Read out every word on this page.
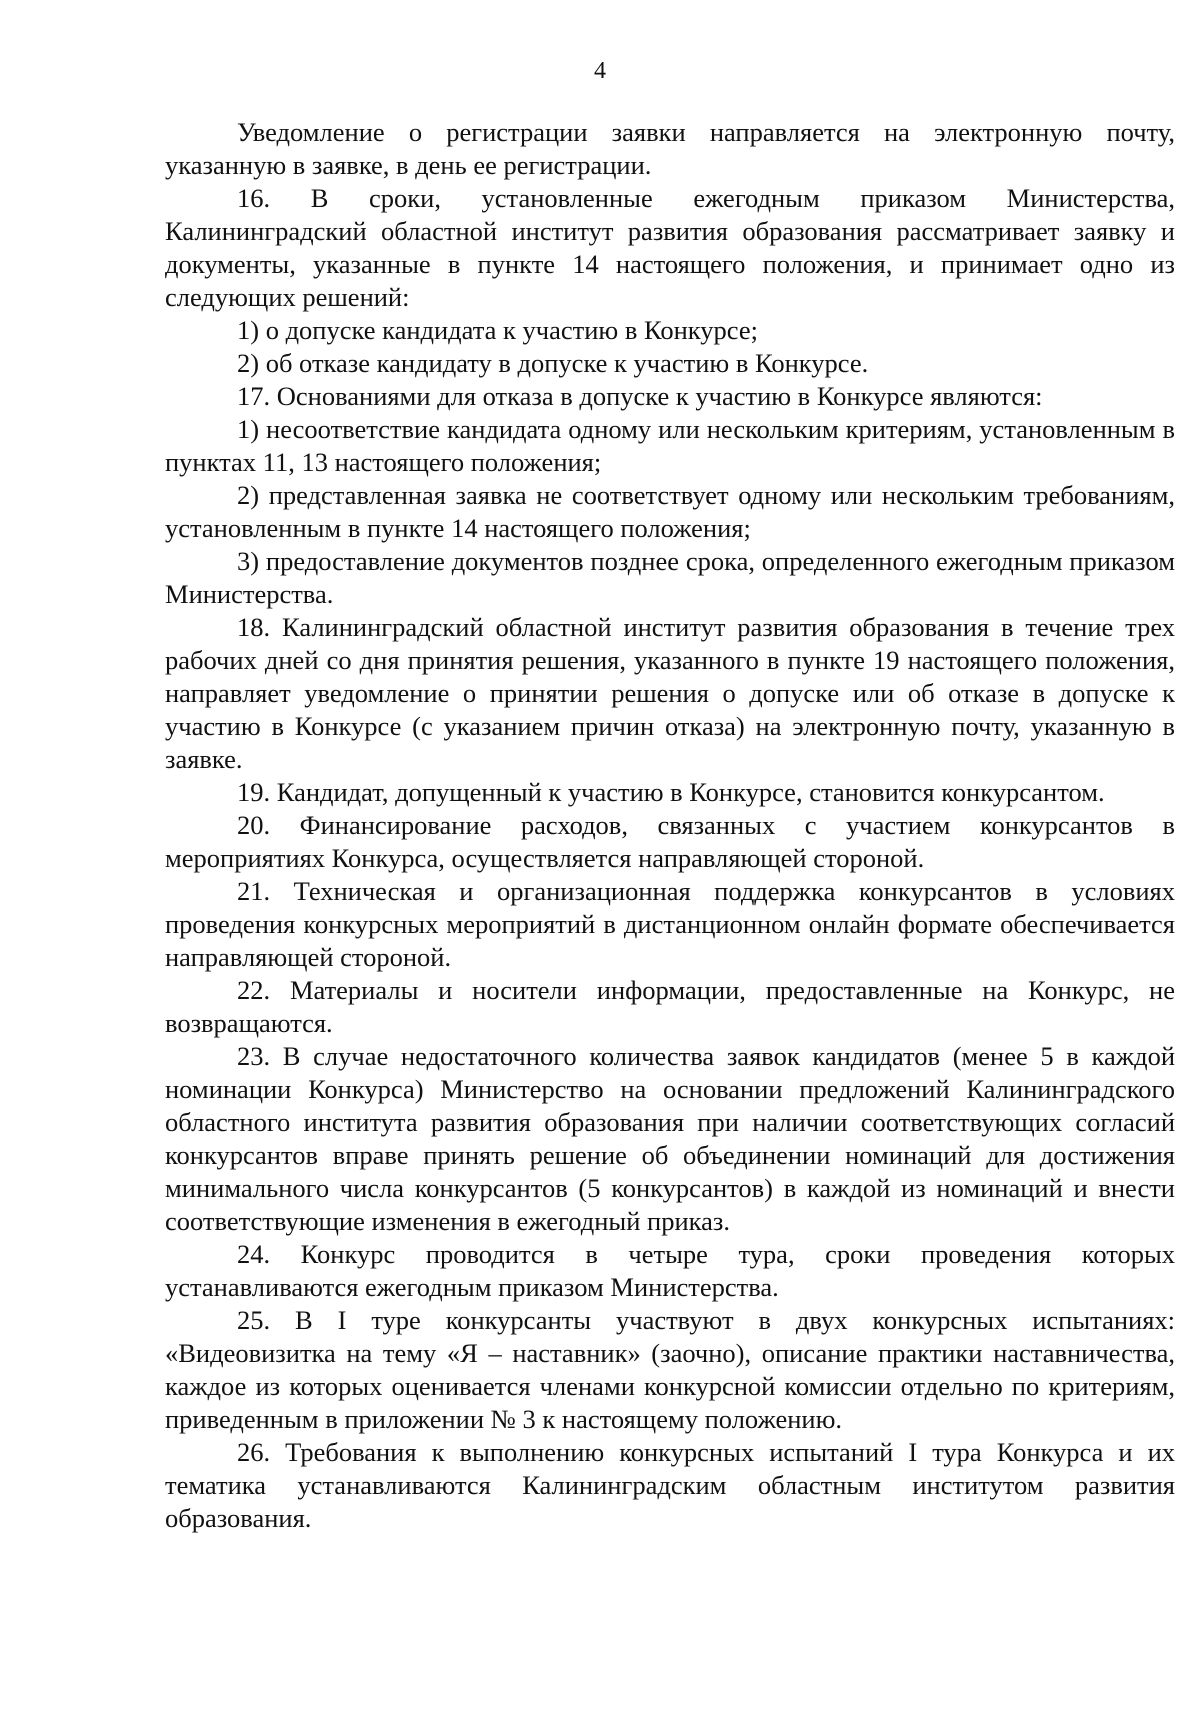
4

Уведомление о регистрации заявки направляется на электронную почту, указанную в заявке, в день ее регистрации.

16. В сроки, установленные ежегодным приказом Министерства, Калининградский областной институт развития образования рассматривает заявку и документы, указанные в пункте 14 настоящего положения, и принимает одно из следующих решений:

1) о допуске кандидата к участию в Конкурсе;

2) об отказе кандидату в допуске к участию в Конкурсе.

17. Основаниями для отказа в допуске к участию в Конкурсе являются:

1) несоответствие кандидата одному или нескольким критериям, установленным в пунктах 11, 13 настоящего положения;

2) представленная заявка не соответствует одному или нескольким требованиям, установленным в пункте 14 настоящего положения;

3) предоставление документов позднее срока, определенного ежегодным приказом Министерства.

18. Калининградский областной институт развития образования в течение трех рабочих дней со дня принятия решения, указанного в пункте 19 настоящего положения, направляет уведомление о принятии решения о допуске или об отказе в допуске к участию в Конкурсе (с указанием причин отказа) на электронную почту, указанную в заявке.

19. Кандидат, допущенный к участию в Конкурсе, становится конкурсантом.

20. Финансирование расходов, связанных с участием конкурсантов в мероприятиях Конкурса, осуществляется направляющей стороной.

21. Техническая и организационная поддержка конкурсантов в условиях проведения конкурсных мероприятий в дистанционном онлайн формате обеспечивается направляющей стороной.

22. Материалы и носители информации, предоставленные на Конкурс, не возвращаются.

23. В случае недостаточного количества заявок кандидатов (менее 5 в каждой номинации Конкурса) Министерство на основании предложений Калининградского областного института развития образования при наличии соответствующих согласий конкурсантов вправе принять решение об объединении номинаций для достижения минимального числа конкурсантов (5 конкурсантов) в каждой из номинаций и внести соответствующие изменения в ежегодный приказ.

24. Конкурс проводится в четыре тура, сроки проведения которых устанавливаются ежегодным приказом Министерства.

25. В I туре конкурсанты участвуют в двух конкурсных испытаниях: «Видеовизитка на тему «Я – наставник» (заочно), описание практики наставничества, каждое из которых оценивается членами конкурсной комиссии отдельно по критериям, приведенным в приложении № 3 к настоящему положению.

26. Требования к выполнению конкурсных испытаний I тура Конкурса и их тематика устанавливаются Калининградским областным институтом развития образования.
